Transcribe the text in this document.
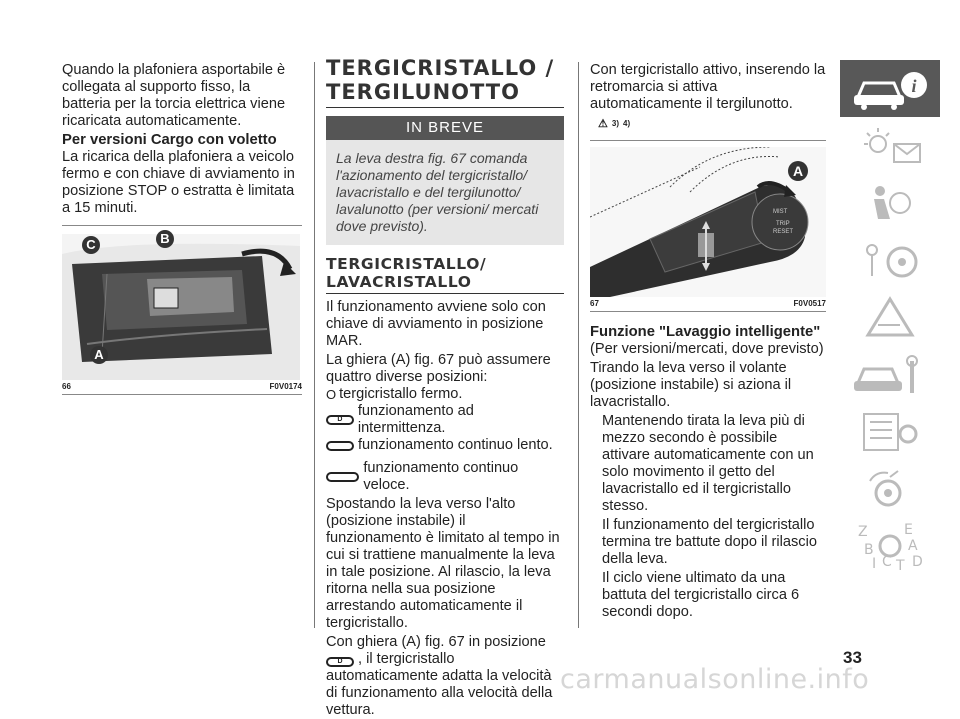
Quando la plafoniera asportabile è collegata al supporto fisso, la batteria per la torcia elettrica viene ricaricata automaticamente.

Per versioni Cargo con voletto

La ricarica della plafoniera a veicolo fermo e con chiave di avviamento in posizione STOP o estratta è limitata a 15 minuti.

C	B
A
66	F0V0174
TERGICRISTALLO / TERGILUNOTTO
IN BREVE
La leva destra fig. 67 comanda l'azionamento del tergicristallo/ lavacristallo e del tergilunotto/ lavalunotto (per versioni/ mercati dove previsto).
TERGICRISTALLO/ LAVACRISTALLO

Il funzionamento avviene solo con chiave di avviamento in posizione MAR.

La ghiera (A) fig. 67 può assumere quattro diverse posizioni:

O tergicristallo fermo.
D
funzionamento ad intermittenza.
funzionamento continuo lento.
funzionamento continuo veloce.

Spostando la leva verso l'alto (posizione instabile) il funzionamento è limitato al tempo in cui si trattiene manualmente la leva in tale posizione. Al rilascio, la leva ritorna nella sua posizione arrestando automaticamente il tergicristallo.

Con ghiera (A) fig. 67 in posizione

D , il tergicristallo automaticamente adatta la velocità di funzionamento alla velocità della vettura.

Con tergicristallo attivo, inserendo la retromarcia si attiva automaticamente il tergilunotto.

⚠ 3) 4)
MIST
TRIP
RESET
A
67	F0V0517
Funzione "Lavaggio intelligente"

(Per versioni/mercati, dove previsto)

Tirando la leva verso il volante (posizione instabile) si aziona il lavacristallo.

Mantenendo tirata la leva più di mezzo secondo è possibile attivare automaticamente con un solo movimento il getto del lavacristallo ed il tergicristallo stesso.

Il funzionamento del tergicristallo termina tre battute dopo il rilascio della leva.

Il ciclo viene ultimato da una battuta del tergicristallo circa 6 secondi dopo.

i
Z	E
B A
I C T D
33
carmanualsonline.info
